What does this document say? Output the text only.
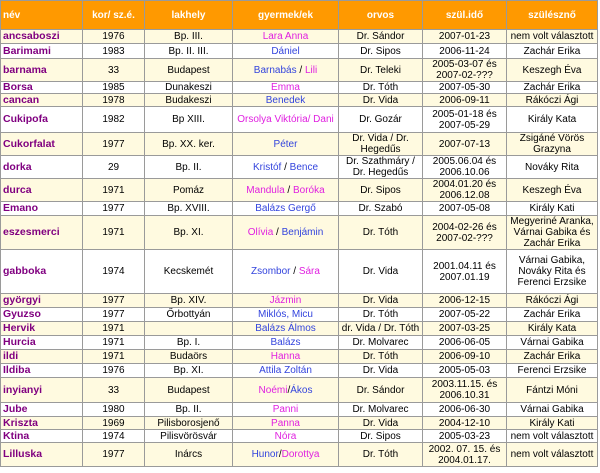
név	kor/ sz.é.	lakhely	gyermek/ek	orvos	szül.idő	szülésznő
ancsaboszi	1976	Bp. III.	Lara Anna	Dr. Sándor	2007-01-23	nem volt választott
Barimami	1983	Bp. II. III.	Dániel	Dr. Sipos	2006-11-24	Zachár Erika
barnama	33	Budapest	Barnabás / Lili	Dr. Teleki	2005-03-07 és 2007-02-???	Keszegh Éva
Borsa	1985	Dunakeszi	Emma	Dr. Tóth	2007-05-30	Zachár Erika
cancan	1978	Budakeszi	Benedek	Dr. Vida	2006-09-11	Rákóczi Ági
Cukipofa	1982	Bp XIII.	Orsolya Viktória/ Dani	Dr. Gozár	2005-01-18 és 2007-05-29	Király Kata
Cukorfalat	1977	Bp. XX. ker.	Péter	Dr. Vida / Dr. Hegedűs	2007-07-13	Zsigáné Vörös Grazyna
dorka	29	Bp. II.	Kristóf / Bence	Dr. Szathmáry / Dr. Hegedűs	2005.06.04 és 2006.10.06	Nováky Rita
durca	1971	Pomáz	Mandula / Boróka	Dr. Sipos	2004.01.20 és 2006.12.08	Keszegh Éva
Emano	1977	Bp. XVIII.	Balázs Gergő	Dr. Szabó	2007-05-08	Király Kati
eszesmerci	1971	Bp. XI.	Olívia / Benjámin	Dr. Tóth	2004-02-26 és 2007-02-???	Megyeriné Aranka, Várnai Gabika és Zachár Erika
gabboka	1974	Kecskemét	Zsombor / Sára	Dr. Vida	2001.04.11 és 2007.01.19	Várnai Gabika, Nováky Rita és Ferenci Erzsike
györgyi	1977	Bp. XIV.	Jázmin	Dr. Vida	2006-12-15	Rákóczi Ági
Gyuzso	1977	Őrbottyán	Miklós, Micu	Dr. Tóth	2007-05-22	Zachár Erika
Hervik	1971		Balázs Álmos	dr. Vida / Dr. Tóth	2007-03-25	Király Kata
Hurcia	1971	Bp. I.	Balázs	Dr. Molvarec	2006-06-05	Várnai Gabika
ildi	1971	Budaörs	Hanna	Dr. Tóth	2006-09-10	Zachár Erika
Ildiba	1976	Bp. XI.	Attila Zoltán	Dr. Vida	2005-05-03	Ferenci Erzsike
inyianyi	33	Budapest	Noémi/Ákos	Dr. Sándor	2003.11.15. és 2006.10.31	Fántzi Móni
Jube	1980	Bp. II.	Panni	Dr. Molvarec	2006-06-30	Várnai Gabika
Kriszta	1969	Pilisborosjenő	Panna	Dr. Vida	2004-12-10	Király Kati
Ktina	1974	Pilisvörösvár	Nóra	Dr. Sipos	2005-03-23	nem volt választott
Lilluska	1977	Inárcs	Hunor/Dorottya	Dr. Tóth	2002. 07. 15. és 2004.01.17.	nem volt választott
